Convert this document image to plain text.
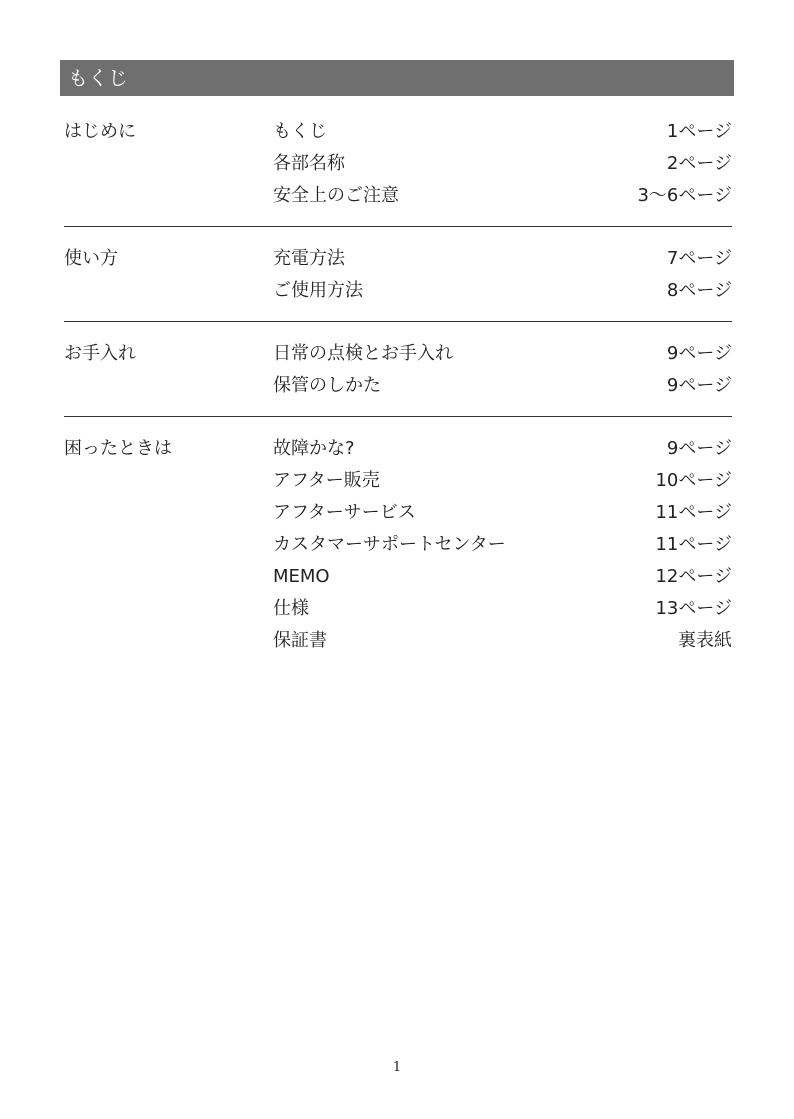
もくじ
はじめに	もくじ	1ページ
各部名称	2ページ
安全上のご注意	3～6ページ
使い方	充電方法	7ページ
ご使用方法	8ページ
お手入れ	日常の点検とお手入れ	9ページ
保管のしかた	9ページ
困ったときは	故障かな?	9ページ
アフター販売	10ページ
アフターサービス	11ページ
カスタマーサポートセンター	11ページ
MEMO	12ページ
仕様	13ページ
保証書	裏表紙
1
